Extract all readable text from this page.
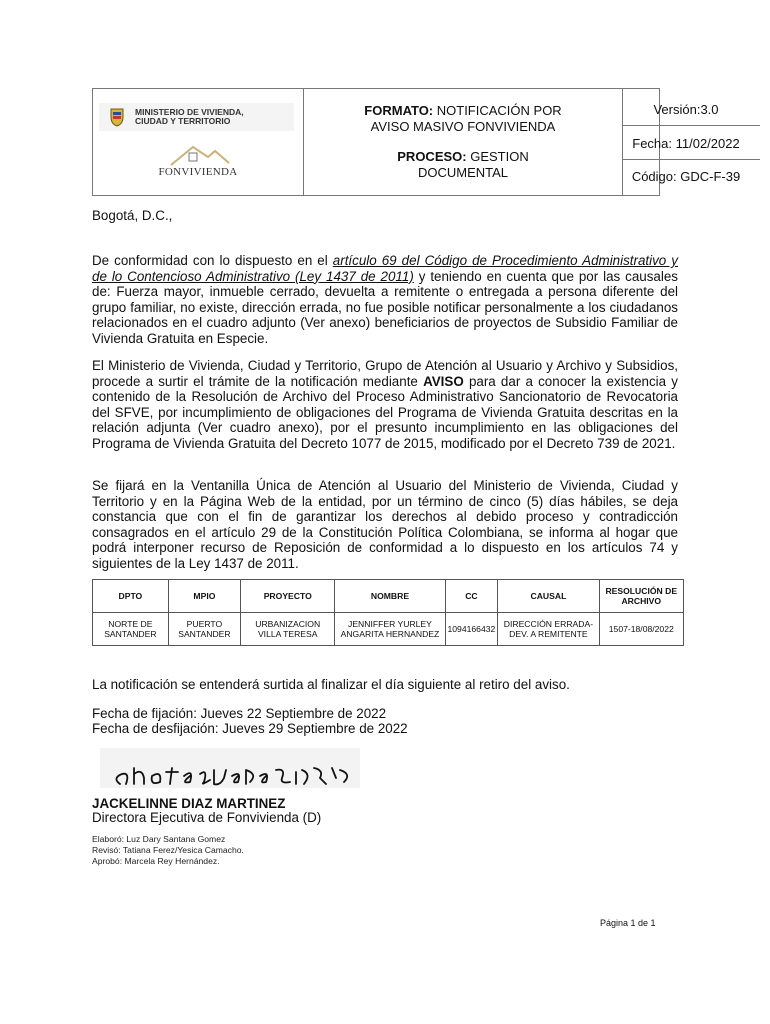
MINISTERIO DE VIVIENDA,
CIUDAD Y TERRITORIO
FONVIVIENDA
FORMATO: NOTIFICACIÓN POR
AVISO MASIVO FONVIVIENDA
PROCESO: GESTION
DOCUMENTAL
Versión:3.0
Fecha: 11/02/2022
Código: GDC-F-39
Bogotá, D.C.,
De conformidad con lo dispuesto en el artículo 69 del Código de Procedimiento Administrativo y de lo Contencioso Administrativo (Ley 1437 de 2011) y teniendo en cuenta que por las causales de: Fuerza mayor, inmueble cerrado, devuelta a remitente o entregada a persona diferente del grupo familiar, no existe, dirección errada, no fue posible notificar personalmente a los ciudadanos relacionados en el cuadro adjunto (Ver anexo) beneficiarios de proyectos de Subsidio Familiar de Vivienda Gratuita en Especie.
El Ministerio de Vivienda, Ciudad y Territorio, Grupo de Atención al Usuario y Archivo y Subsidios, procede a surtir el trámite de la notificación mediante AVISO para dar a conocer la existencia y contenido de la Resolución de Archivo del Proceso Administrativo Sancionatorio de Revocatoria del SFVE, por incumplimiento de obligaciones del Programa de Vivienda Gratuita descritas en la relación adjunta (Ver cuadro anexo), por el presunto incumplimiento en las obligaciones del Programa de Vivienda Gratuita del Decreto 1077 de 2015, modificado por el Decreto 739 de 2021.
Se fijará en la Ventanilla Única de Atención al Usuario del Ministerio de Vivienda, Ciudad y Territorio y en la Página Web de la entidad, por un término de cinco (5) días hábiles, se deja constancia que con el fin de garantizar los derechos al debido proceso y contradicción consagrados en el artículo 29 de la Constitución Política Colombiana, se informa al hogar que podrá interponer recurso de Reposición de conformidad a lo dispuesto en los artículos 74 y siguientes de la Ley 1437 de 2011.
DPTO	MPIO	PROYECTO	NOMBRE	CC	CAUSAL	RESOLUCIÓN DE ARCHIVO
NORTE DE SANTANDER	PUERTO SANTANDER	URBANIZACION VILLA TERESA	JENNIFFER YURLEY ANGARITA HERNANDEZ	1094166432	DIRECCIÓN ERRADA-DEV. A REMITENTE	1507-18/08/2022
La notificación se entenderá surtida al finalizar el día siguiente al retiro del aviso.
Fecha de fijación: Jueves 22 Septiembre de 2022
Fecha de desfijación: Jueves 29 Septiembre de 2022
JACKELINNE DIAZ MARTINEZ
Directora Ejecutiva de Fonvivienda (D)
Elaboró: Luz Dary Santana Gomez
Revisó: Tatiana Ferez/Yesica Camacho.
Aprobó: Marcela Rey Hernández.
Página 1 de 1
